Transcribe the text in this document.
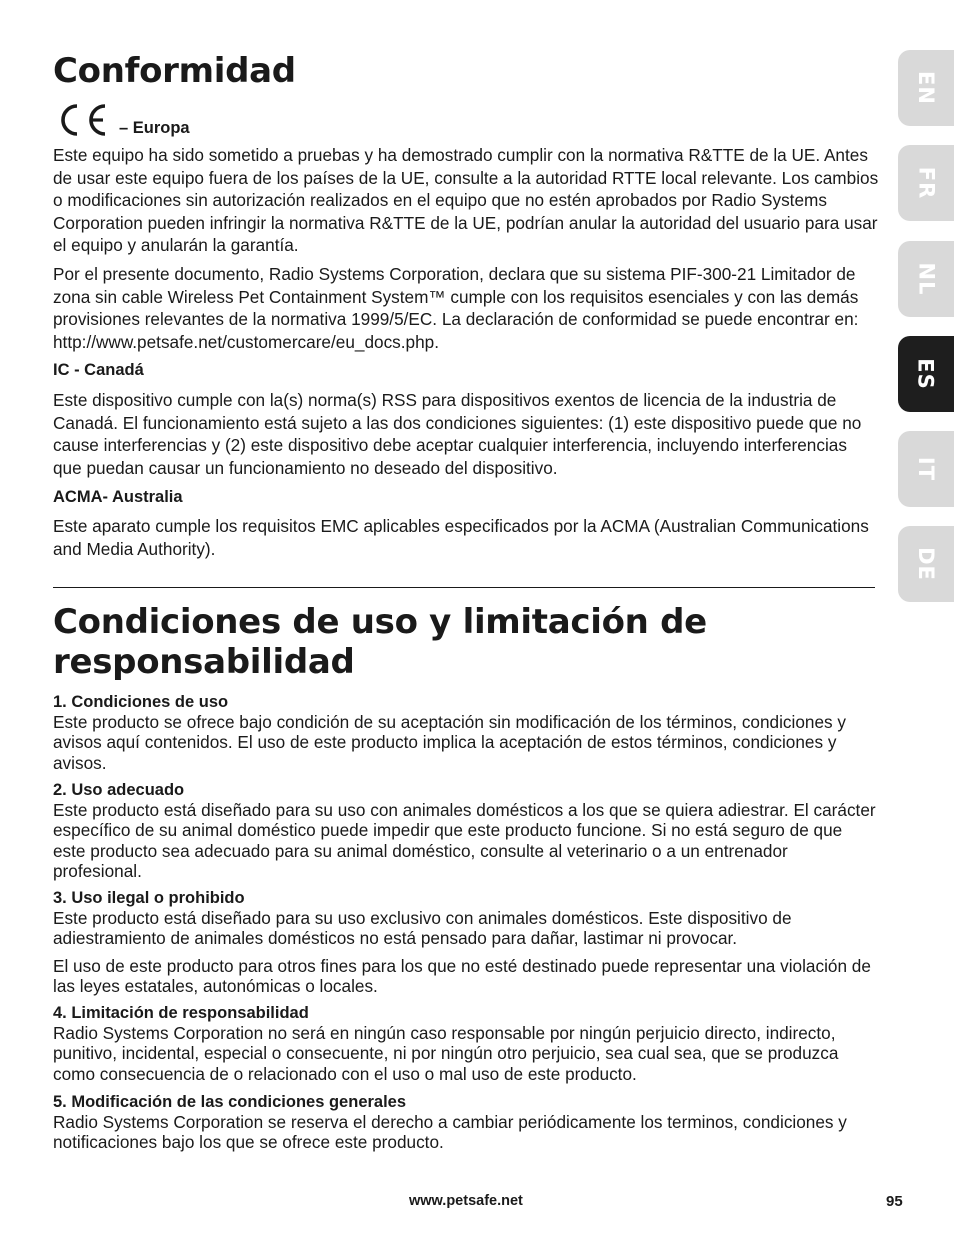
Conformidad
– Europa

Este equipo ha sido sometido a pruebas y ha demostrado cumplir con la normativa R&TTE de la UE. Antes de usar este equipo fuera de los países de la UE, consulte a la autoridad RTTE local relevante. Los cambios o modificaciones sin autorización realizados en el equipo que no estén aprobados por Radio Systems Corporation pueden infringir la normativa R&TTE de la UE, podrían anular la autoridad del usuario para usar el equipo y anularán la garantía.

Por el presente documento, Radio Systems Corporation, declara que su sistema PIF-300-21 Limitador de zona sin cable Wireless Pet Containment System™ cumple con los requisitos esenciales y con las demás provisiones relevantes de la normativa 1999/5/EC. La declaración de conformidad se puede encontrar en: http://www.petsafe.net/customercare/eu_docs.php.

IC - Canadá

Este dispositivo cumple con la(s) norma(s) RSS para dispositivos exentos de licencia de la industria de Canadá. El funcionamiento está sujeto a las dos condiciones siguientes: (1) este dispositivo puede que no cause interferencias y (2) este dispositivo debe aceptar cualquier interferencia, incluyendo interferencias que puedan causar un funcionamiento no deseado del dispositivo.

ACMA- Australia

Este aparato cumple los requisitos EMC aplicables especificados por la ACMA (Australian Communications and Media Authority).

Condiciones de uso y limitación de responsabilidad
1. Condiciones de uso

Este producto se ofrece bajo condición de su aceptación sin modificación de los términos, condiciones y avisos aquí contenidos. El uso de este producto implica la aceptación de estos términos, condiciones y avisos.

2. Uso adecuado

Este producto está diseñado para su uso con animales domésticos a los que se quiera adiestrar. El carácter específico de su animal doméstico puede impedir que este producto funcione. Si no está seguro de que este producto sea adecuado para su animal doméstico, consulte al veterinario o a un entrenador profesional.

3. Uso ilegal o prohibido

Este producto está diseñado para su uso exclusivo con animales domésticos. Este dispositivo de adiestramiento de animales domésticos no está pensado para dañar, lastimar ni provocar.

El uso de este producto para otros fines para los que no esté destinado puede representar una violación de las leyes estatales, autonómicas o locales.

4. Limitación de responsabilidad

Radio Systems Corporation no será en ningún caso responsable por ningún perjuicio directo, indirecto, punitivo, incidental, especial o consecuente, ni por ningún otro perjuicio, sea cual sea, que se produzca como consecuencia de o relacionado con el uso o mal uso de este producto.

5. Modificación de las condiciones generales

Radio Systems Corporation se reserva el derecho a cambiar periódicamente los terminos, condiciones y notificaciones bajo los que se ofrece este producto.

EN
FR
NL
ES
IT
DE
www.petsafe.net	95
